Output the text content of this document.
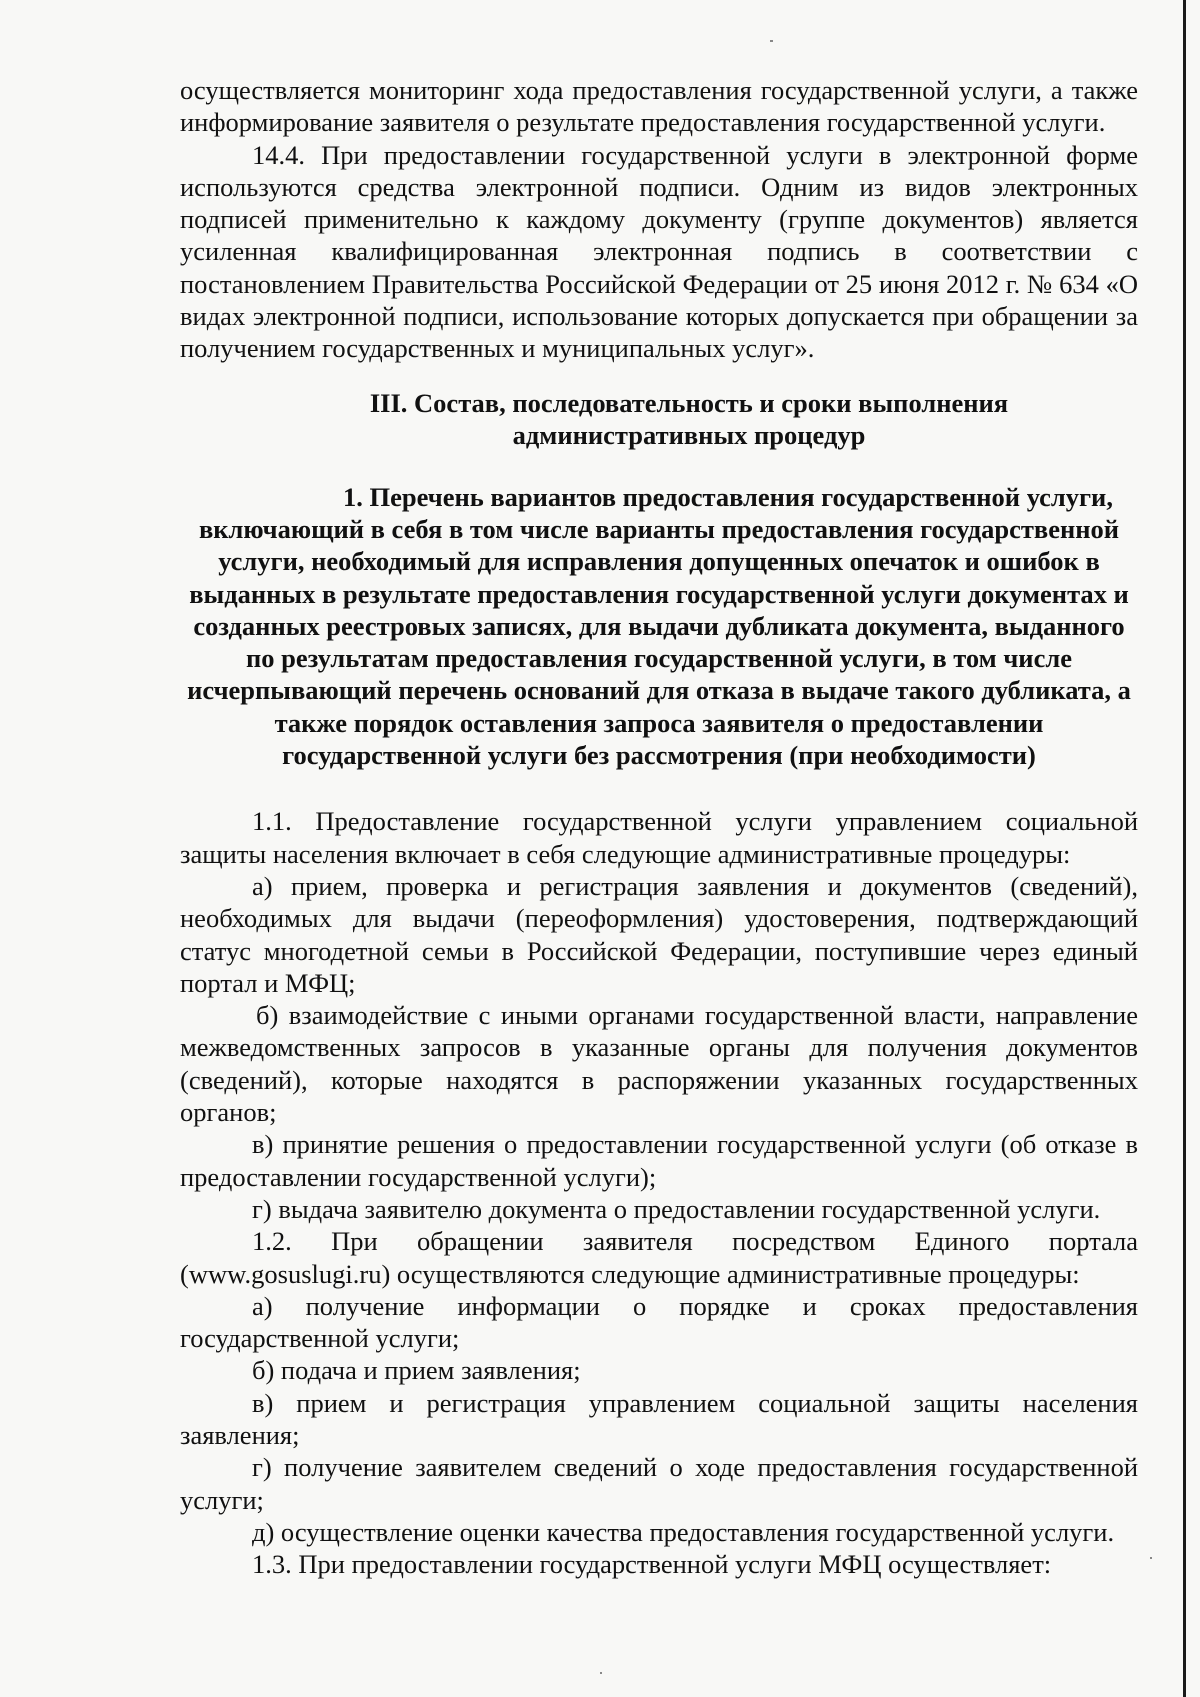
осуществляется мониторинг хода предоставления государственной услуги, а также информирование заявителя о результате предоставления государственной услуги.

14.4. При предоставлении государственной услуги в электронной форме используются средства электронной подписи. Одним из видов электронных подписей применительно к каждому документу (группе документов) является усиленная квалифицированная электронная подпись в соответствии с постановлением Правительства Российской Федерации от 25 июня 2012 г. № 634 «О видах электронной подписи, использование которых допускается при обращении за получением государственных и муниципальных услуг».

III. Состав, последовательность и сроки выполнения
административных процедур
1. Перечень вариантов предоставления государственной услуги,
включающий в себя в том числе варианты предоставления государственной услуги, необходимый для исправления допущенных опечаток и ошибок в выданных в результате предоставления государственной услуги документах и созданных реестровых записях, для выдачи дубликата документа, выданного по результатам предоставления государственной услуги, в том числе исчерпывающий перечень оснований для отказа в выдаче такого дубликата, а также порядок оставления запроса заявителя о предоставлении государственной услуги без рассмотрения (при необходимости)

1.1. Предоставление государственной услуги управлением социальной защиты населения включает в себя следующие административные процедуры:

а) прием, проверка и регистрация заявления и документов (сведений), необходимых для выдачи (переоформления) удостоверения, подтверждающий статус многодетной семьи в Российской Федерации, поступившие через единый портал и МФЦ;

б) взаимодействие с иными органами государственной власти, направление межведомственных запросов в указанные органы для получения документов (сведений), которые находятся в распоряжении указанных государственных органов;

в) принятие решения о предоставлении государственной услуги (об отказе в предоставлении государственной услуги);

г) выдача заявителю документа о предоставлении государственной услуги.

1.2. При обращении заявителя посредством Единого портала (www.gosuslugi.ru) осуществляются следующие административные процедуры:

а) получение информации о порядке и сроках предоставления государственной услуги;

б) подача и прием заявления;

в) прием и регистрация управлением социальной защиты населения заявления;

г) получение заявителем сведений о ходе предоставления государственной услуги;

д) осуществление оценки качества предоставления государственной услуги.

1.3. При предоставлении государственной услуги МФЦ осуществляет:
